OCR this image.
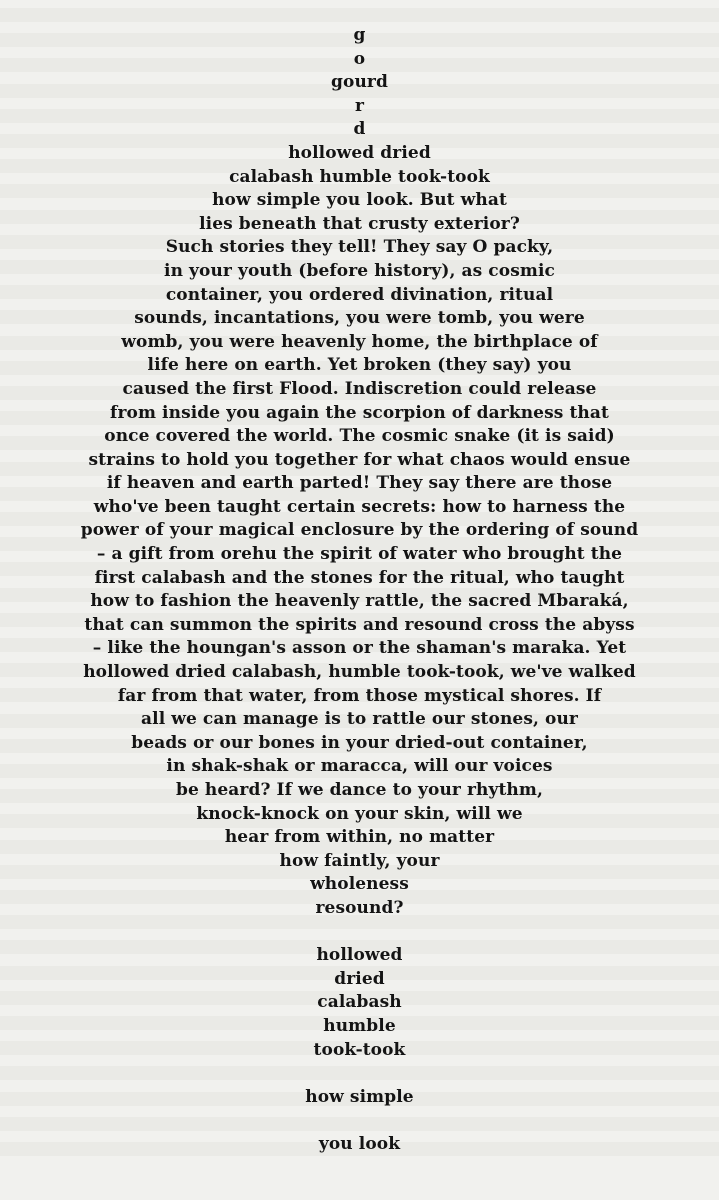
g
o
gourd
r
d
hollowed dried
calabash humble took-took
how simple you look. But what
lies beneath that crusty exterior?
Such stories they tell! They say O packy,
in your youth (before history), as cosmic
container, you ordered divination, ritual
sounds, incantations, you were tomb, you were
womb, you were heavenly home, the birthplace of
life here on earth. Yet broken (they say) you
caused the first Flood. Indiscretion could release
from inside you again the scorpion of darkness that
once covered the world. The cosmic snake (it is said)
strains to hold you together for what chaos would ensue
if heaven and earth parted! They say there are those
who've been taught certain secrets: how to harness the
power of your magical enclosure by the ordering of sound
– a gift from orehu the spirit of water who brought the
first calabash and the stones for the ritual, who taught
how to fashion the heavenly rattle, the sacred Mbaraká,
that can summon the spirits and resound cross the abyss
– like the houngan's asson or the shaman's maraka. Yet
hollowed dried calabash, humble took-took, we've walked
far from that water, from those mystical shores. If
all we can manage is to rattle our stones, our
beads or our bones in your dried-out container,
in shak-shak or maracca, will our voices
be heard? If we dance to your rhythm,
knock-knock on your skin, will we
hear from within, no matter
how faintly, your
wholeness
resound?
hollowed
dried
calabash
humble
took-took
how simple
you look
